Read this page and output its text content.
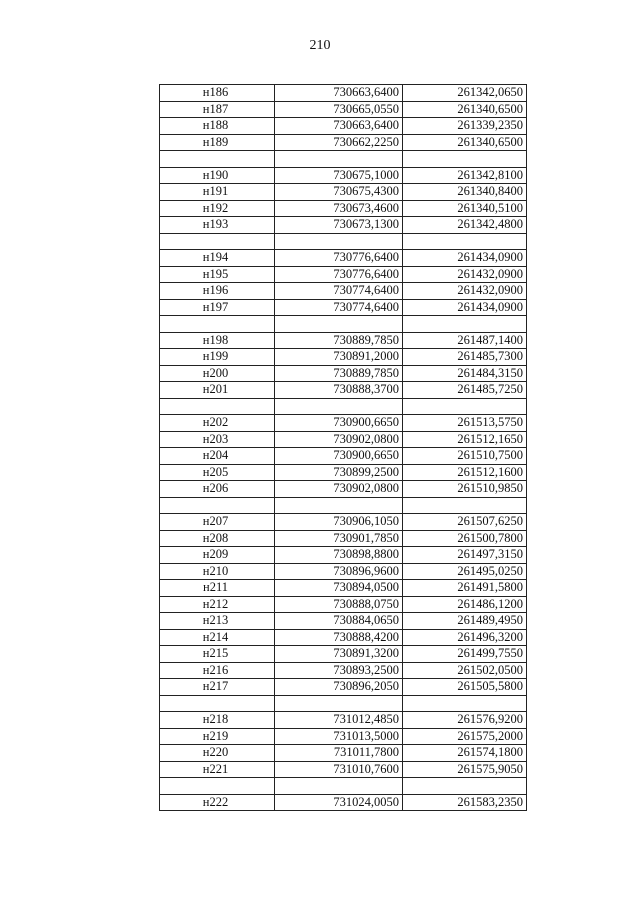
210
н186	730663,6400	261342,0650
н187	730665,0550	261340,6500
н188	730663,6400	261339,2350
н189	730662,2250	261340,6500

н190	730675,1000	261342,8100
н191	730675,4300	261340,8400
н192	730673,4600	261340,5100
н193	730673,1300	261342,4800

н194	730776,6400	261434,0900
н195	730776,6400	261432,0900
н196	730774,6400	261432,0900
н197	730774,6400	261434,0900

н198	730889,7850	261487,1400
н199	730891,2000	261485,7300
н200	730889,7850	261484,3150
н201	730888,3700	261485,7250

н202	730900,6650	261513,5750
н203	730902,0800	261512,1650
н204	730900,6650	261510,7500
н205	730899,2500	261512,1600
н206	730902,0800	261510,9850

н207	730906,1050	261507,6250
н208	730901,7850	261500,7800
н209	730898,8800	261497,3150
н210	730896,9600	261495,0250
н211	730894,0500	261491,5800
н212	730888,0750	261486,1200
н213	730884,0650	261489,4950
н214	730888,4200	261496,3200
н215	730891,3200	261499,7550
н216	730893,2500	261502,0500
н217	730896,2050	261505,5800

н218	731012,4850	261576,9200
н219	731013,5000	261575,2000
н220	731011,7800	261574,1800
н221	731010,7600	261575,9050

н222	731024,0050	261583,2350
